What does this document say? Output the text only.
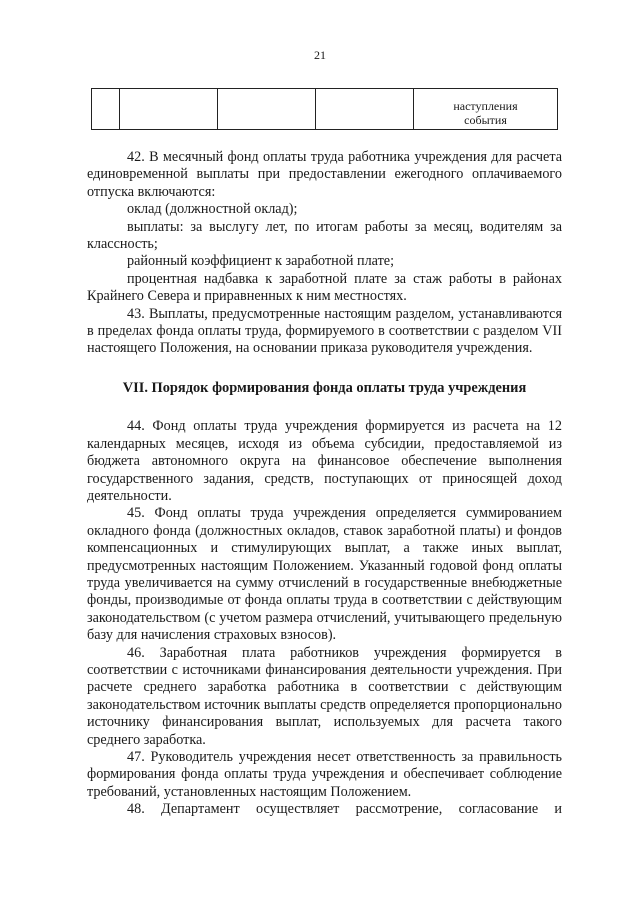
21

наступления
события

42. В месячный фонд оплаты труда работника учреждения для расчета единовременной выплаты при предоставлении ежегодного оплачиваемого отпуска включаются:

оклад (должностной оклад);

выплаты: за выслугу лет, по итогам работы за месяц, водителям за классность;

районный коэффициент к заработной плате;

процентная надбавка к заработной плате за стаж работы в районах Крайнего Севера и приравненных к ним местностях.

43. Выплаты, предусмотренные настоящим разделом, устанавливаются в пределах фонда оплаты труда, формируемого в соответствии с разделом VII настоящего Положения, на основании приказа руководителя учреждения.

VII. Порядок формирования фонда оплаты труда учреждения

44. Фонд оплаты труда учреждения формируется из расчета на 12 календарных месяцев, исходя из объема субсидии, предоставляемой из бюджета автономного округа на финансовое обеспечение выполнения государственного задания, средств, поступающих от приносящей доход деятельности.

45. Фонд оплаты труда учреждения определяется суммированием окладного фонда (должностных окладов, ставок заработной платы) и фондов компенсационных и стимулирующих выплат, а также иных выплат, предусмотренных настоящим Положением. Указанный годовой фонд оплаты труда увеличивается на сумму отчислений в государственные внебюджетные фонды, производимые от фонда оплаты труда в соответствии с действующим законодательством (с учетом размера отчислений, учитывающего предельную базу для начисления страховых взносов).

46. Заработная плата работников учреждения формируется в соответствии с источниками финансирования деятельности учреждения. При расчете среднего заработка работника в соответствии с действующим законодательством источник выплаты средств определяется пропорционально источнику финансирования выплат, используемых для расчета такого среднего заработка.

47. Руководитель учреждения несет ответственность за правильность формирования фонда оплаты труда учреждения и обеспечивает соблюдение требований, установленных настоящим Положением.

48. Департамент осуществляет рассмотрение, согласование и
